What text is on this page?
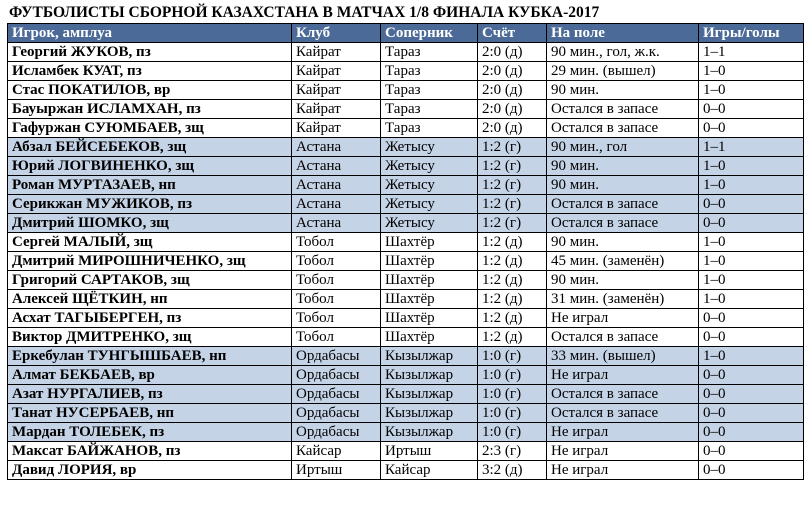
ФУТБОЛИСТЫ СБОРНОЙ КАЗАХСТАНА В МАТЧАХ 1/8 ФИНАЛА КУБКА-2017
Игрок, амплуа	Клуб	Соперник	Счёт	На поле	Игры/голы
Георгий ЖУКОВ, пз	Кайрат	Тараз	2:0 (д)	90 мин., гол, ж.к.	1–1
Исламбек КУАТ, пз	Кайрат	Тараз	2:0 (д)	29 мин. (вышел)	1–0
Стас ПОКАТИЛОВ, вр	Кайрат	Тараз	2:0 (д)	90 мин.	1–0
Бауыржан ИСЛАМХАН, пз	Кайрат	Тараз	2:0 (д)	Остался в запасе	0–0
Гафуржан СУЮМБАЕВ, зщ	Кайрат	Тараз	2:0 (д)	Остался в запасе	0–0
Абзал БЕЙСЕБЕКОВ, зщ	Астана	Жетысу	1:2 (г)	90 мин., гол	1–1
Юрий ЛОГВИНЕНКО, зщ	Астана	Жетысу	1:2 (г)	90 мин.	1–0
Роман МУРТАЗАЕВ, нп	Астана	Жетысу	1:2 (г)	90 мин.	1–0
Серикжан МУЖИКОВ, пз	Астана	Жетысу	1:2 (г)	Остался в запасе	0–0
Дмитрий ШОМКО, зщ	Астана	Жетысу	1:2 (г)	Остался в запасе	0–0
Сергей МАЛЫЙ, зщ	Тобол	Шахтёр	1:2 (д)	90 мин.	1–0
Дмитрий МИРОШНИЧЕНКО, зщ	Тобол	Шахтёр	1:2 (д)	45 мин. (заменён)	1–0
Григорий САРТАКОВ, зщ	Тобол	Шахтёр	1:2 (д)	90 мин.	1–0
Алексей ЩЁТКИН, нп	Тобол	Шахтёр	1:2 (д)	31 мин. (заменён)	1–0
Асхат ТАГЫБЕРГЕН, пз	Тобол	Шахтёр	1:2 (д)	Не играл	0–0
Виктор ДМИТРЕНКО, зщ	Тобол	Шахтёр	1:2 (д)	Остался в запасе	0–0
Еркебулан ТУНГЫШБАЕВ, нп	Ордабасы	Кызылжар	1:0 (г)	33 мин. (вышел)	1–0
Алмат БЕКБАЕВ, вр	Ордабасы	Кызылжар	1:0 (г)	Не играл	0–0
Азат НУРГАЛИЕВ, пз	Ордабасы	Кызылжар	1:0 (г)	Остался в запасе	0–0
Танат НУСЕРБАЕВ, нп	Ордабасы	Кызылжар	1:0 (г)	Остался в запасе	0–0
Мардан ТОЛЕБЕК, пз	Ордабасы	Кызылжар	1:0 (г)	Не играл	0–0
Максат БАЙЖАНОВ, пз	Кайсар	Иртыш	2:3 (г)	Не играл	0–0
Давид ЛОРИЯ, вр	Иртыш	Кайсар	3:2 (д)	Не играл	0–0
